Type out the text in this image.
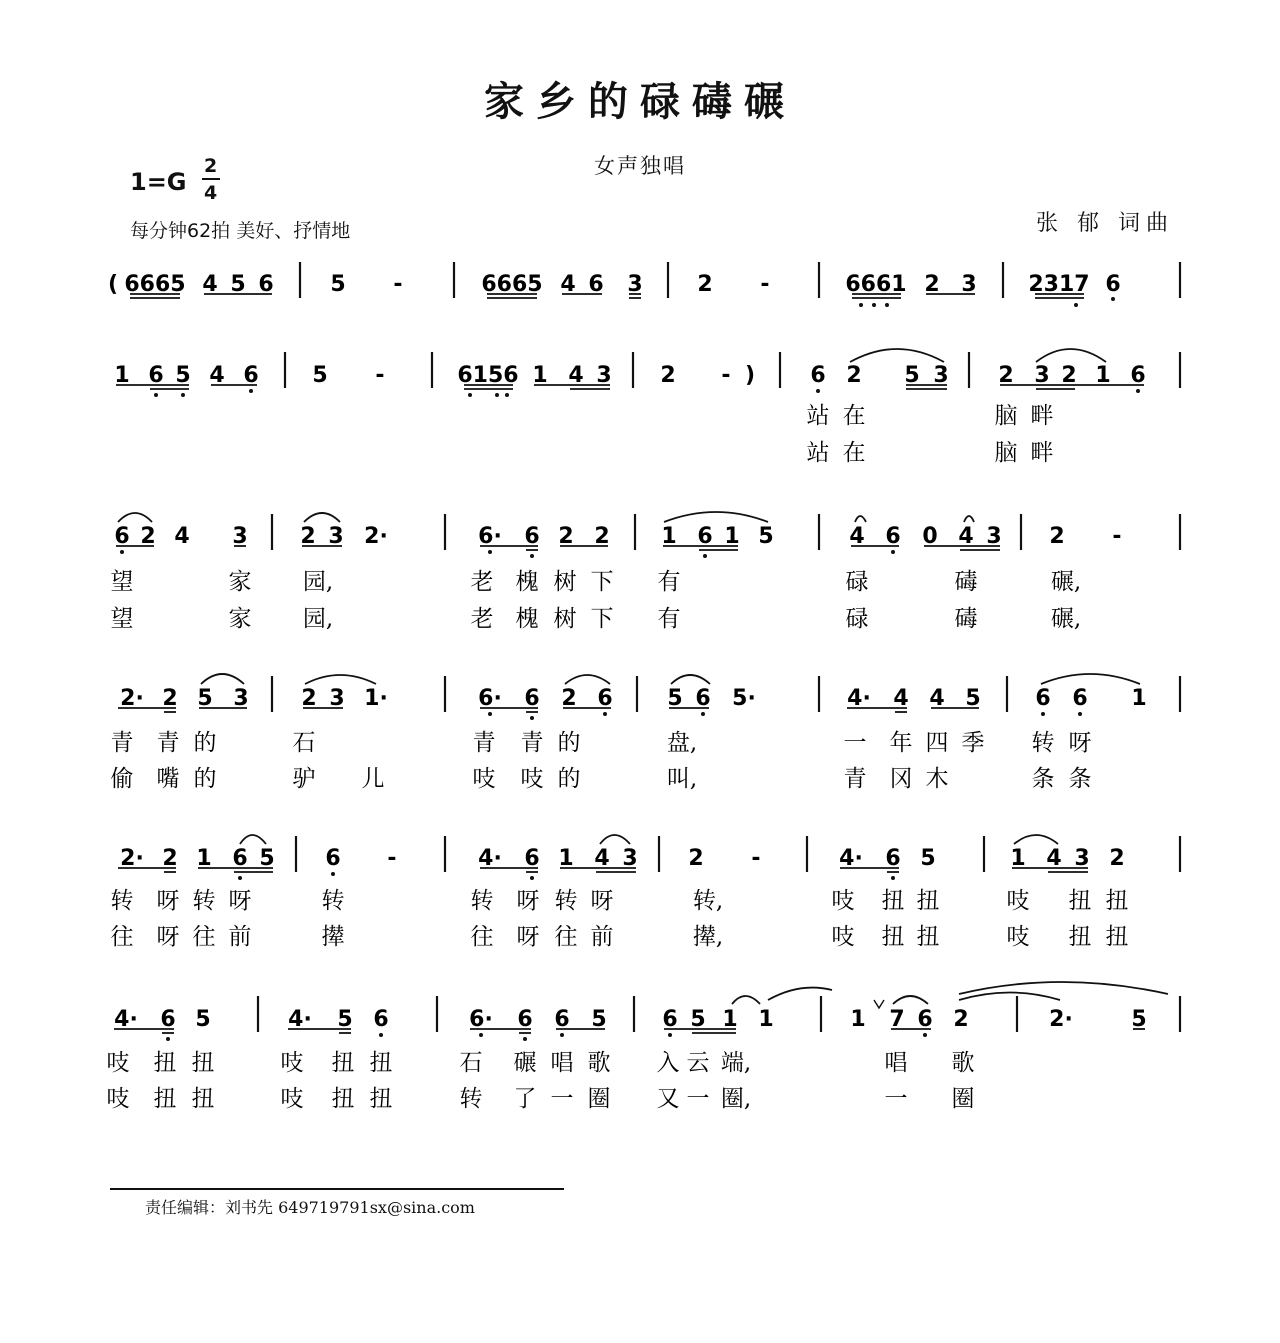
家乡的碌碡碾
女声独唱
1=G
2
4
每分钟62拍 美好、抒情地	张 郁 词曲
( 6665 4 5 6	5 -	6665 4 6 3 2 -	6661 2 3 2317 6
1 6 5 4 6 5 -	6156 1 4 3 2 - )	6 2 5 3 2 3 2 1 6
6 2 4 3 2 3 2·	6· 6 2 2 1 6 1 5	4 6 0 4 3 2 -
2· 2 5 3 2 3 1·	6· 6 2 6 5 6 5·	4· 4 4 5 6 6 1
2· 2 1 6 5 6 -	4· 6 1 4 3 2 -	4· 6 5	1 4 3 2
4· 6 5	4· 5 6	6· 6 6 5	6 5 1 1	1 7 6 2	2·	5
站 在	脑 畔
站 在	脑 畔
望	家 园,	老 槐 树 下 有	碌	碡	碾,
望	家 园,	老 槐 树 下 有	碌	碡	碾,
青 青 的	石	青 青 的	盘,	一 年 四 季 转 呀
偷 嘴 的	驴 儿	吱 吱 的	叫,	青 冈 木	条 条
转 呀 转 呀	转	转 呀 转 呀	转,	吱 扭 扭	吱 扭 扭
往 呀 往 前	撵	往 呀 往 前	撵,	吱 扭 扭	吱 扭 扭
吱 扭 扭	吱 扭 扭	石 碾 唱 歌 入 云 端,	唱 歌
吱 扭 扭	吱 扭 扭	转 了 一 圈 又 一 圈,	一 圈
责任编辑：刘书先 649719791sx@sina.com
